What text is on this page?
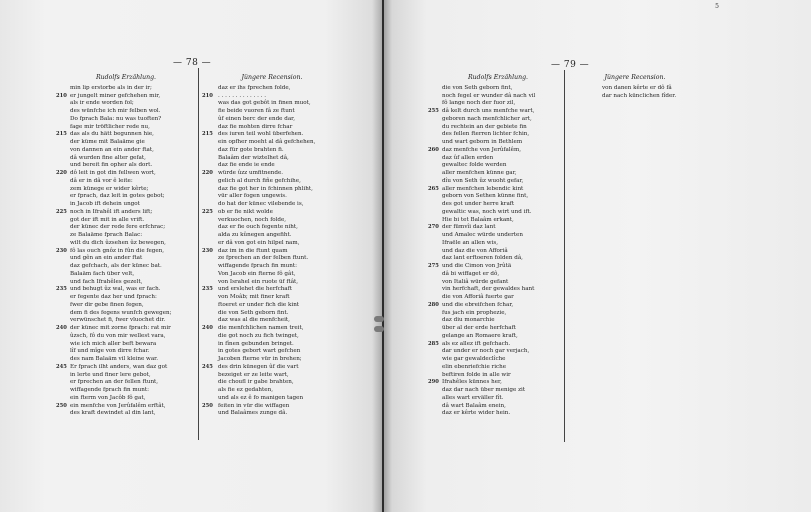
— 78 —
Rudolfs Erzählung.
min lip erstorbe als in der ir;
210 er jungelt miner gefchehen mir,
als ir ende worden fol;
des wünfche ich mir felben wol.
Do fprach Bala: nu was tuoften?
fage mir tröftlicher rede nu,
215 das als du hätt begunnen hie,
der küme mit Balaäme gie
von dannen an ein ander ftat,
dâ wurden fine alter gefat,
und bereit fin opher als dort.
220 dô leit in got din fellwen wort,
dâ er in dâ vor ê leite:
zem künege er wider kêrte;
er fprach, daz leit in gotes gebot;
in Jacob ift dehein ungot
225 noch in Ifrahêl ift anders lift;
got der ift mit in alle vrift.
der künec der rede fere erfchrac;
ze Balaäme fprach Balac:
wilt du dich ûzsehen ûz bewegen,
230 fô las ouch gnôz in fûn die fegen,
und gên an ein ander ftat
daz gefchach, als der künec bat.
Balaäm fach über velt,
und fach Ifrahêles gezelt,
235 und behugt ûz wal, was er fach.
er fegente daz her und fprach:
fwer dir gebe finen fegen,
dem fi des fegens wunfch gewegen;
verwünschet fi, fwer vluochet dir.
240 der künec mit zorne fprach: rat mir
ûzsch, fô du von mir wellest vara,
wie ich mich aller beft bewara
lîf und mîge von dirre fchar.
des nam Balaäm vil kleine war.
245 Er fprach ilht anders, wan daz got
in lerte und finer lere gebot,
er fprechen an der fellen ftunt,
wiffagende fprach fin munt:
ein fterm von Jacôb fô gat,
250 ein menfche von Jerûfalêm erftât,
des kraft dewindet al din lant,
Jüngere Recension.
daz er ihs fprechen folde,
210 . . . . . . . . . . . . . .
was das got gebôt in finen muot,
fie beide vuoren fâ ze ftunt
ûf einen berc der ende dar,
daz fie mohten dirre fchar
215 des iuren teil wohl überfehen.
ein opfher moeht al dâ gefchehen,
daz für gote brahten fi.
Balaâm der wiztelhet dâ,
daz fie ende ie ende
220 würde ûzz umfitnende.
gelich al durch fiñe gefchihe,
daz fie got her in fchinnen phliht,
vür aller fogen ungewis.
do hat der künec vilebende is,
225 ob er fie nikt wolde
verkuochen, noch folde,
daz er fie ouch fegente niht,
alda zu kûnegen angefiht.
er dâ von got ein hilpel nam,
230 daz im in die ftunt quam
ze fprechen an der felben ftunt.
wiffagende fprach fin munt:
Von Jacob ein fterne fô gât,
von Israhel ein ruote üf ftât,
235 und erslehet die herfchaft
von Moâb; mit finer kraft
ftoeret er under fich die kint
die von Seth geborn fint.
daz was al die menfcheit,
240 die menfchlichen namen treit,
die got noch zu fich twinget,
in fînen gebunden bringet.
in gotes gebort wart gefchen
Jacoben fterne vür in brehen;
245 des drin künegen ûf die vart
bezeiget er ze leite wart,
die choufl ir gabe brahten,
als fie ez gedahten,
und als ez ê fo manigen tagen
250 feiten in vür die wiffagen
und Balaâmes zunge dâ.
5
— 79 —
Rudolfs Erzählung.
die von Seth geborn fint,
noch fegel er wunder dâ nach vil
fô lange noch der fuor zil,
255 dâ kelt durch uns menfche wart,
geboren nach menfchlicher art,
du rechtein an der gebiete fin
des fellen fterren lichter fchin,
und wart geborn in Bethlem
260 daz menfche von Jerûfalêm,
daz ûf allen erden
gewaltec folde werden
aller menfchen künne gar,
dîu von Seth ûz wuoht gefar,
265 aller menfchen lebendic kint
geborn von Sethen künne fint,
des got under herre kraft
gewaltic was, noch wirt und ift.
Hie bi tet Balaâm erkant,
270 der fümvîi daz lant
und Amalec würde underten
Ifraële an allen wis,
und daz die von Afforiâ
daz lant erftoeren folden dâ,
275 und die Cimon von Jrûtä
dâ bi wiffaget er dô,
von Italiâ würde gefant
vin herfchaft, der gewaldes hant
die von Afforiâ fuerte gar
280 und die ebreifchen fchar,
fus jach ein prophezie,
daz diu monarchie
über al der erde herfchaft
gelange an Romaere kraft,
285 als ez allez ift gefchach.
dar under er noch gar verjach,
wie gar gewaldeclîche
elin ebenriefchie riche
beftiren folde in alle wir
290 Ifrahêles künnes her,
daz dar nach über menige zit
alles wart erväller fît.
dâ wart Balaâm enein,
daz er kêrte wider hein.
Jüngere Recension.
von danen kêrte er dô fâ
dar nach künclichen fîder.
